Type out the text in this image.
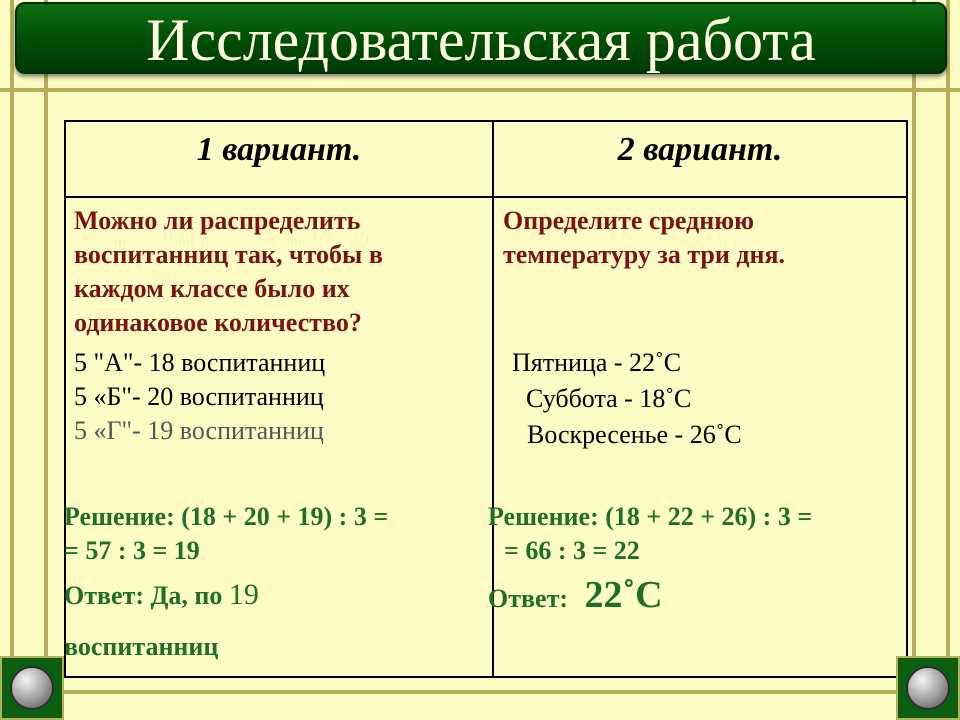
Исследовательская работа
1 вариант.	2 вариант.
Можно ли распределить
воспитанниц так, чтобы в
каждом классе было их
одинаковое количество?
5 "А"- 18 воспитанниц
5 «Б"- 20 воспитанниц
5 «Г"- 19 воспитанниц
Решение: (18 + 20 + 19) : 3 =
= 57 : 3 = 19
Ответ: Да, по 19
воспитанниц
Определите среднюю
температуру за три дня.
Пятница - 22˚С
Суббота - 18˚С
Воскресенье - 26˚С
Решение: (18 + 22 + 26) : 3 =
= 66 : 3 = 22
Ответ: 22˚С
